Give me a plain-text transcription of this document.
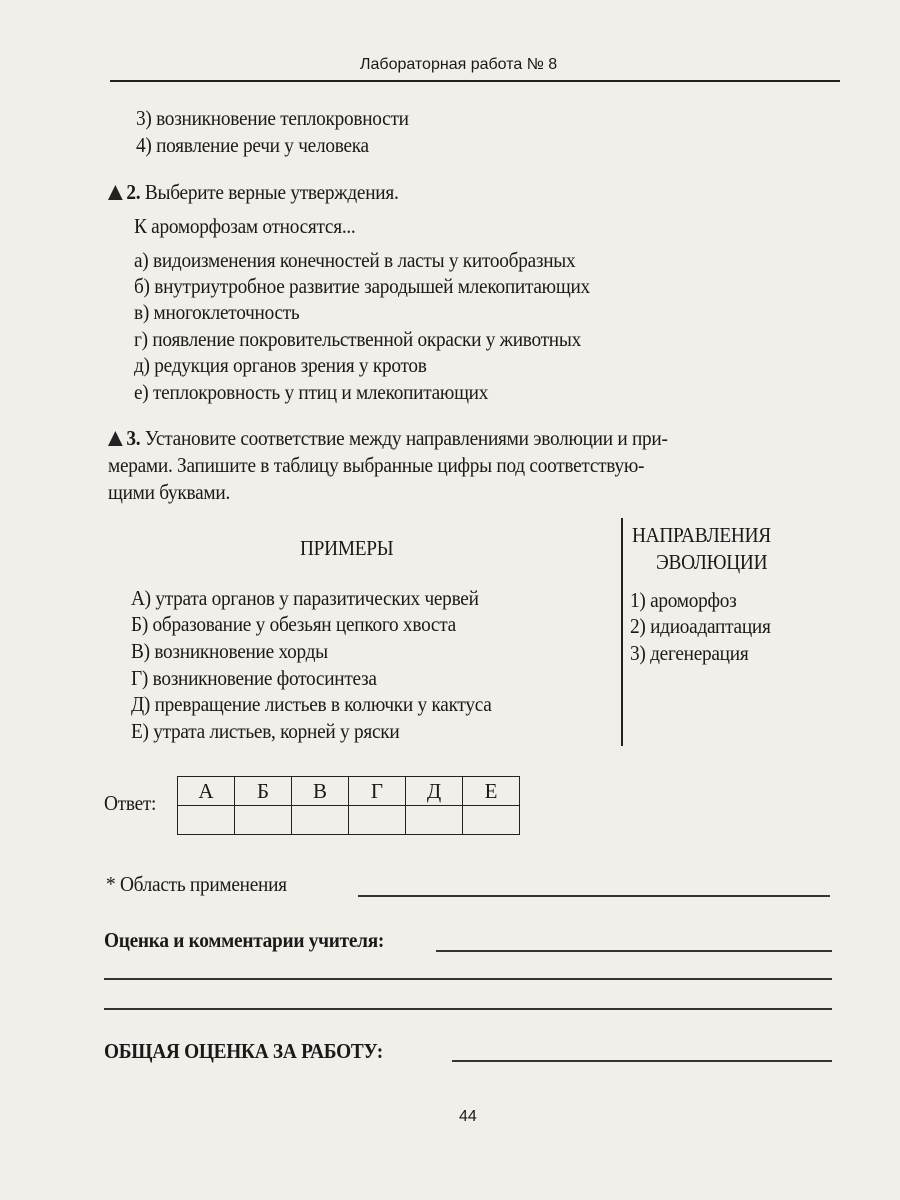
Лабораторная работа № 8
3) возникновение теплокровности
4) появление речи у человека
2. Выберите верные утверждения.
К ароморфозам относятся...
а) видоизменения конечностей в ласты у китообразных
б) внутриутробное развитие зародышей млекопитающих
в) многоклеточность
г) появление покровительственной окраски у животных
д) редукция органов зрения у кротов
е) теплокровность у птиц и млекопитающих
3. Установите соответствие между направлениями эволюции и при-
мерами. Запишите в таблицу выбранные цифры под соответствую-
щими буквами.
ПРИМЕРЫ
НАПРАВЛЕНИЯ
ЭВОЛЮЦИИ
А) утрата органов у паразитических червей
Б) образование у обезьян цепкого хвоста
В) возникновение хорды
Г) возникновение фотосинтеза
Д) превращение листьев в колючки у кактуса
Е) утрата листьев, корней у ряски
1) ароморфоз
2) идиоадаптация
3) дегенерация
Ответ:
А	Б	В	Г	Д	Е

* Область применения
Оценка и комментарии учителя:
ОБЩАЯ ОЦЕНКА ЗА РАБОТУ:
44
